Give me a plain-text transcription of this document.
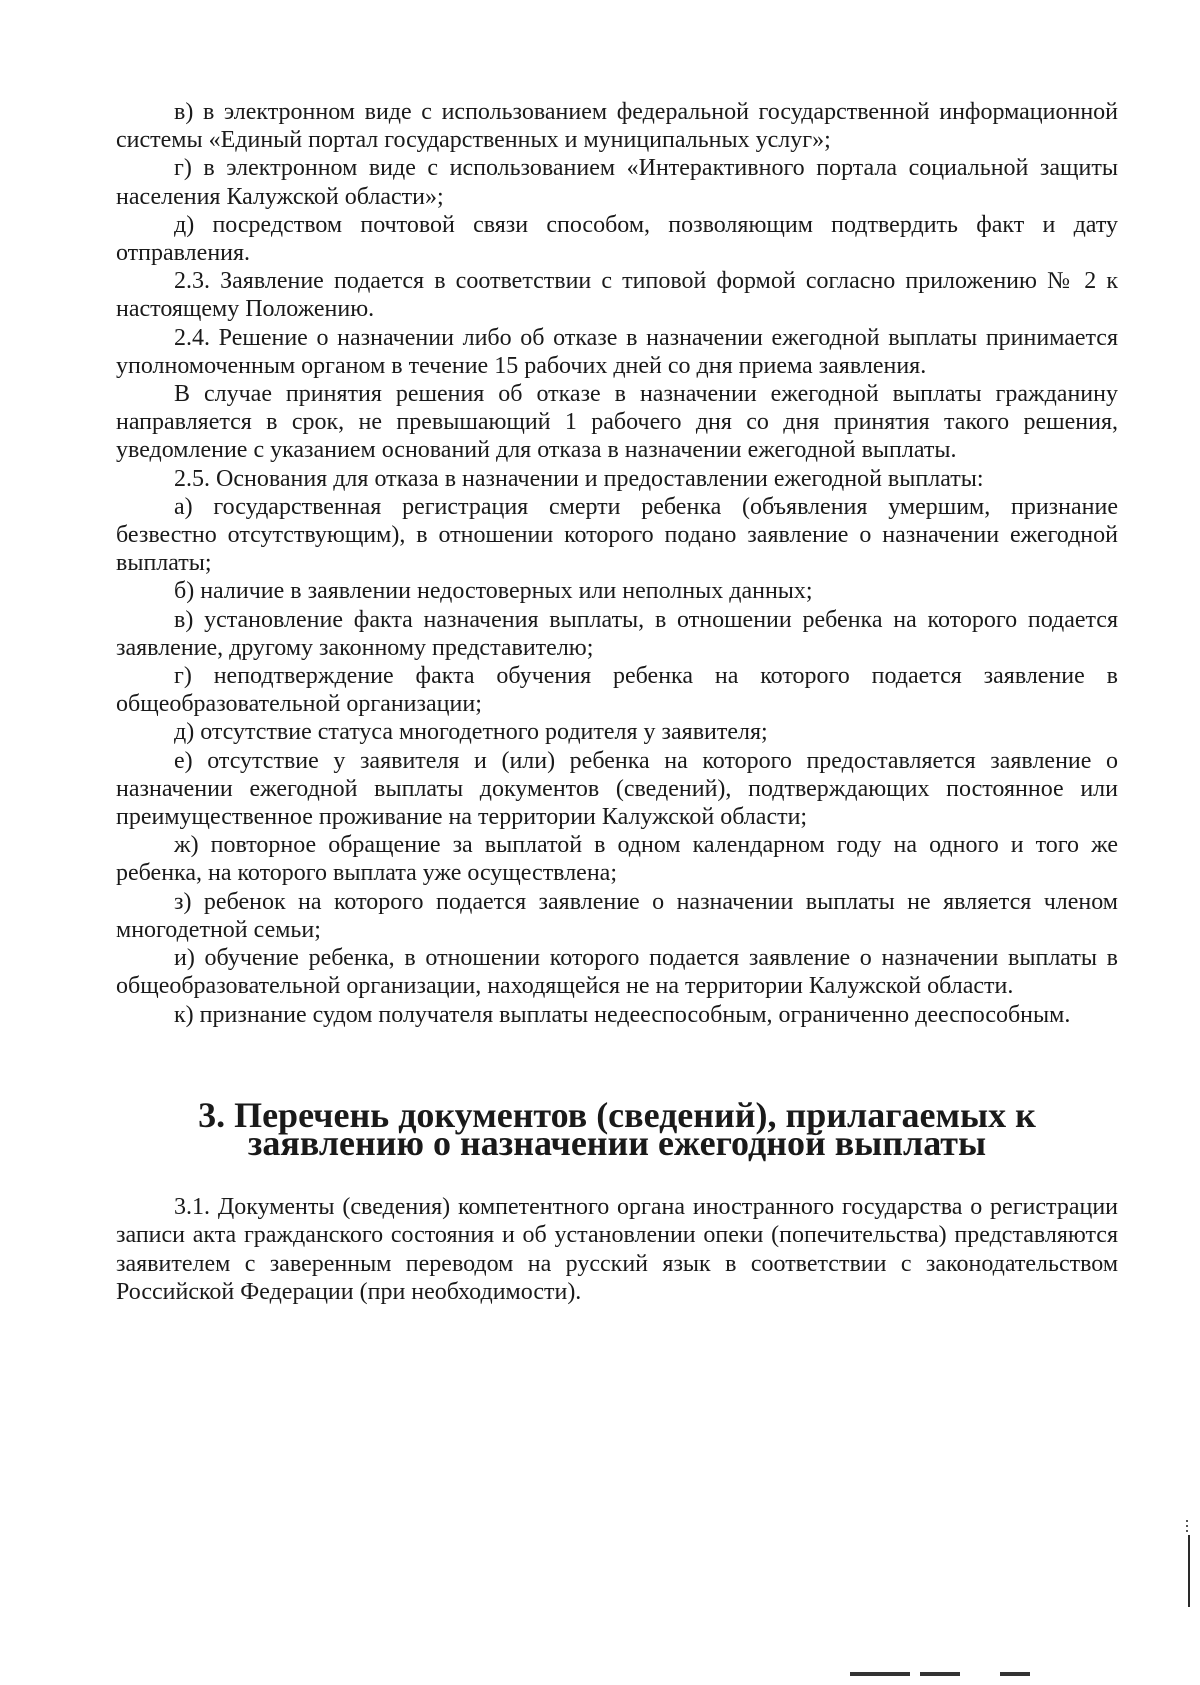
в) в электронном виде с использованием федеральной государственной информационной системы «Единый портал государственных и муниципальных услуг»;

г) в электронном виде с использованием «Интерактивного портала социальной защиты населения Калужской области»;

д) посредством почтовой связи способом, позволяющим подтвердить факт и дату отправления.

2.3. Заявление подается в соответствии с типовой формой согласно приложению № 2 к настоящему Положению.

2.4. Решение о назначении либо об отказе в назначении ежегодной выплаты принимается уполномоченным органом в течение 15 рабочих дней со дня приема заявления.

В случае принятия решения об отказе в назначении ежегодной выплаты гражданину направляется в срок, не превышающий 1 рабочего дня со дня принятия такого решения, уведомление с указанием оснований для отказа в назначении ежегодной выплаты.

2.5. Основания для отказа в назначении и предоставлении ежегодной выплаты:

а) государственная регистрация смерти ребенка (объявления умершим, признание безвестно отсутствующим), в отношении которого подано заявление о назначении ежегодной выплаты;

б) наличие в заявлении недостоверных или неполных данных;

в) установление факта назначения выплаты, в отношении ребенка на которого подается заявление, другому законному представителю;

г) неподтверждение факта обучения ребенка на которого подается заявление в общеобразовательной организации;

д) отсутствие статуса многодетного родителя у заявителя;

е) отсутствие у заявителя и (или) ребенка на которого предоставляется заявление о назначении ежегодной выплаты документов (сведений), подтверждающих постоянное или преимущественное проживание на территории Калужской области;

ж) повторное обращение за выплатой в одном календарном году на одного и того же ребенка, на которого выплата уже осуществлена;

з) ребенок на которого подается заявление о назначении выплаты не является членом многодетной семьи;

и) обучение ребенка, в отношении которого подается заявление о назначении выплаты в общеобразовательной организации, находящейся не на территории Калужской области.

к) признание судом получателя выплаты недееспособным, ограниченно дееспособным.

3. Перечень документов (сведений), прилагаемых к заявлению о назначении ежегодной выплаты

3.1. Документы (сведения) компетентного органа иностранного государства о регистрации записи акта гражданского состояния и об установлении опеки (попечительства) представляются заявителем с заверенным переводом на русский язык в соответствии с законодательством Российской Федерации (при необходимости).
